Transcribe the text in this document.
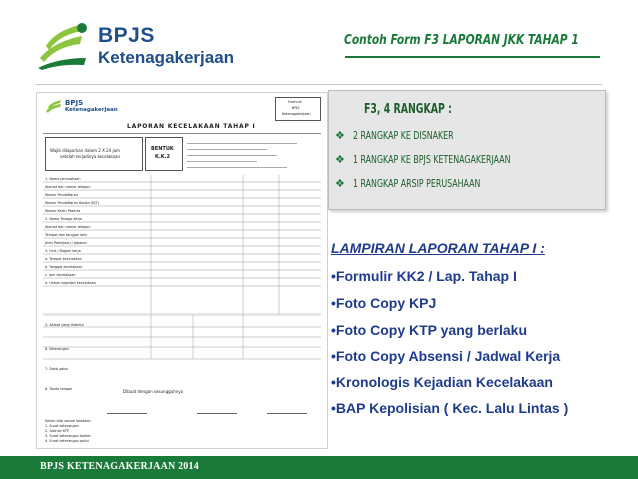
BPJS
Ketenagakerjaan
Contoh Form F3 LAPORAN JKK TAHAP 1
BPJS
Ketenagakerjaan
Formulir
BPJS
Ketenagakerjaan
LAPORAN KECELAKAAN TAHAP I
Wajib dilaporkan dalam 2 X 24 jam
setelah terjadinya kecelakaan
BENTUK
K.K.2
1. Nama perusahaan
Alamat dan nomor telepon
Nomor Pendaftaran
Nomor Pendaftaran Badan (KJT)
Nomor Kartu Peserta
2. Nama Tenaga Kerja
Alamat dan nomor telepon
Tempat dan tanggal lahir
Jenis Pekerjaan / Jabatan
3. Unit / Bagian kerja
a. Tempat kecelakaan
b. Tanggal kecelakaan
c. Jam kecelakaan
4. Uraian kejadian kecelakaan
5. Akibat yang diderita
6. Keterangan
7. Saksi-saksi
8. Tanda tangan	Dibuat dengan sesungguhnya
Kolom diisi sesuai keadaan
1. Surat keterangan
2. Salinan KTP
3. Surat keterangan dokter
4. Surat keterangan polisi
F3, 4 RANGKAP :
❖ 2 RANGKAP KE DISNAKER
❖ 1 RANGKAP KE BPJS KETENAGAKERJAAN
❖ 1 RANGKAP ARSIP PERUSAHAAN
LAMPIRAN LAPORAN TAHAP I :
•Formulir KK2 / Lap. Tahap I
•Foto Copy KPJ
•Foto Copy KTP yang berlaku
•Foto Copy Absensi / Jadwal Kerja
•Kronologis Kejadian Kecelakaan
•BAP Kepolisian ( Kec. Lalu Lintas )
BPJS KETENAGAKERJAAN 2014
